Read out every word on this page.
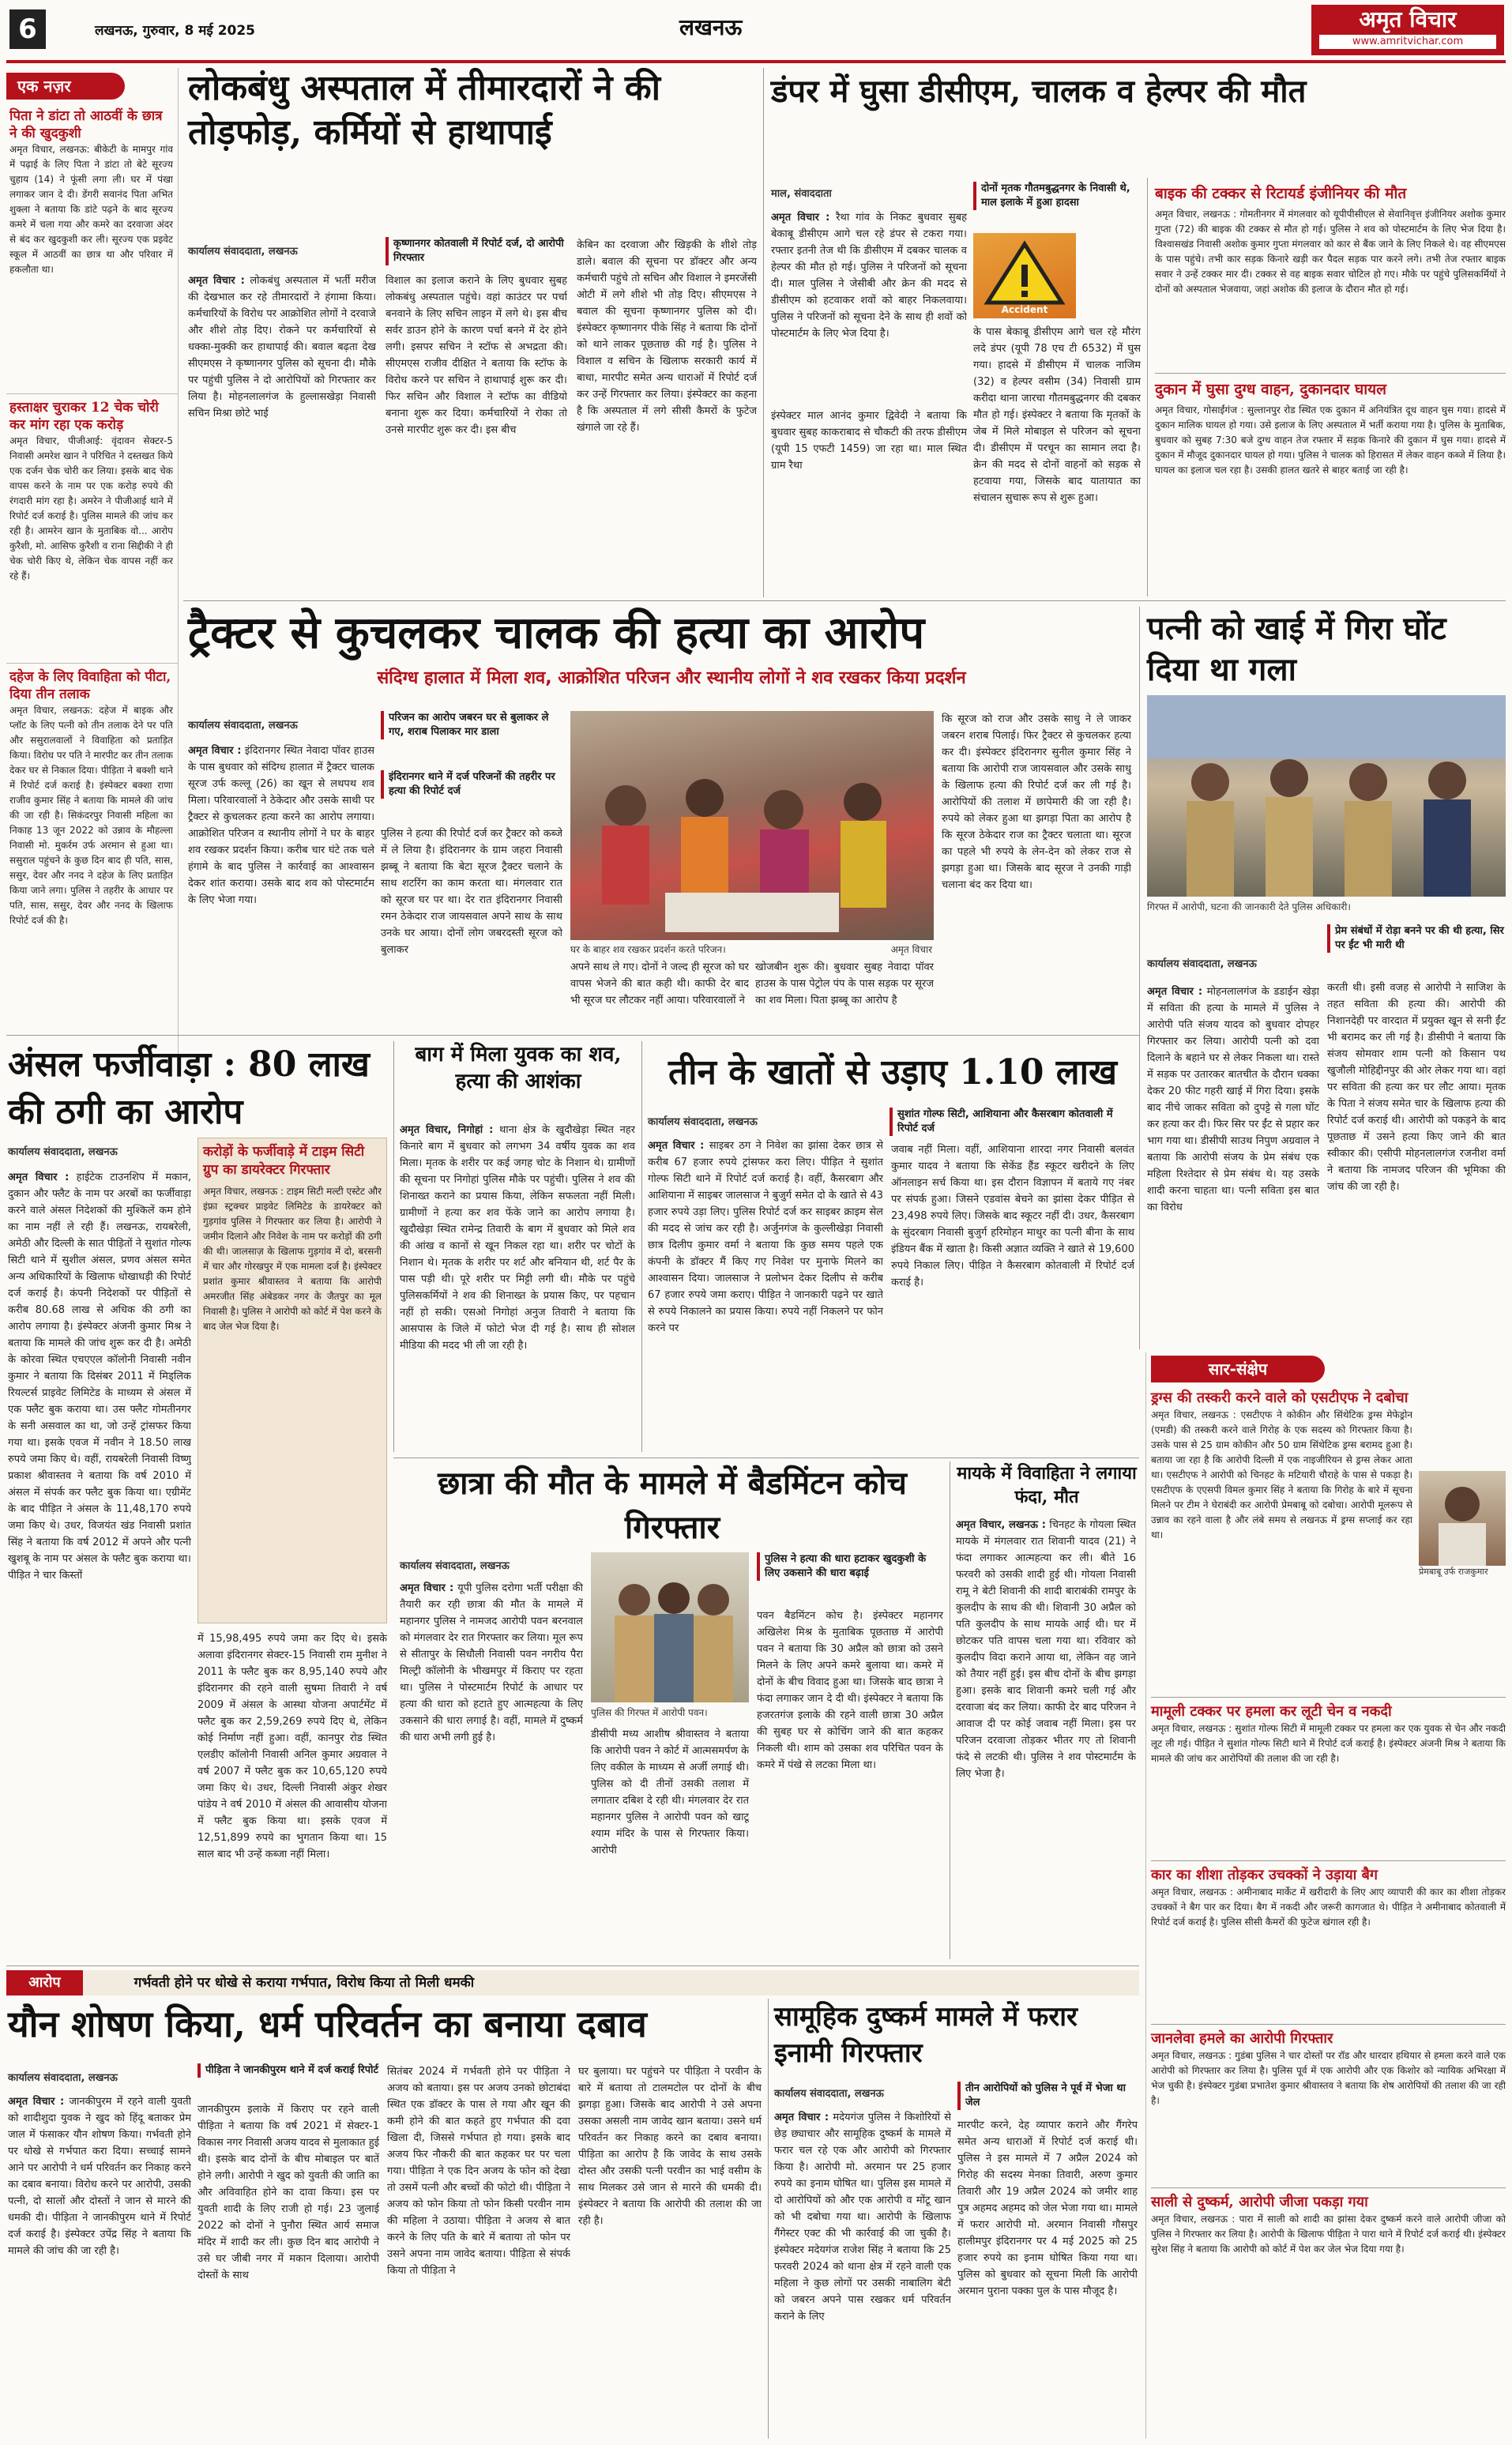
6	लखनऊ, गुरुवार, 8 मई 2025	लखनऊ	अमृत विचार
www.amritvichar.com
एक नज़र
पिता ने डांटा तो आठवीं के छात्र ने की खुदकुशी
अमृत विचार, लखनऊ: बीकेटी के मामपुर गांव में पढ़ाई के लिए पिता ने डांटा तो बेटे सूरज्य चुहाय (14) ने फूंसी लगा ली। घर में पंखा लगाकर जान दे दी। डेंगरी सवानंद पिता अभित शुक्ला ने बताया कि डांटे पढ़ने के बाद सूरज्य कमरे में चला गया और कमरे का दरवाजा अंदर से बंद कर खुदकुशी कर ली। सूरज्य एक प्रइवेट स्कूल में आठवीं का छात्र था और परिवार में हकलौता था।
हस्ताक्षर चुराकर 12 चेक चोरी कर मांग रहा एक करोड़
अमृत विचार, पीजीआई: वृंदावन सेक्टर-5 निवासी अमरेश खान ने परिचित ने दस्तखत किये एक दर्जन चेक चोरी कर लिया। इसके बाद चेक वापस करने के नाम पर एक करोड़ रुपये की रंगदारी मांग रहा है। अमरेन ने पीजीआई थाने में रिपोर्ट दर्ज कराई है। पुलिस मामले की जांच कर रही है। आमरेन खान के मुताबिक वो... आरोप कुरैशी, मो. आसिफ कुरैशी व राना सिद्दीकी ने ही चेक चोरी किए थे, लेकिन चेक वापस नहीं कर रहे हैं।
दहेज के लिए विवाहिता को पीटा, दिया तीन तलाक
अमृत विचार, लखनऊ: दहेज में बाइक और प्लॉट के लिए पत्नी को तीन तलाक देने पर पति और ससुरालवालों ने विवाहिता को प्रताड़ित किया। विरोध पर पति ने मारपीट कर तीन तलाक देकर घर से निकाल दिया। पीड़िता ने बक्शी थाने में रिपोर्ट दर्ज कराई है। इंस्पेक्टर बक्शा राणा राजीव कुमार सिंह ने बताया कि मामले की जांच की जा रही है। सिकंदरपुर निवासी महिला का निकाह 13 जून 2022 को उन्नाव के मौहल्ला निवासी मो. मुकर्रम उर्फ अरमान से हुआ था। ससुराल पहुंचने के कुछ दिन बाद ही पति, सास, ससुर, देवर और ननद ने दहेज के लिए प्रताड़ित किया जाने लगा। पुलिस ने तहरीर के आधार पर पति, सास, ससुर, देवर और ननद के खिलाफ रिपोर्ट दर्ज की है।
लोकबंधु अस्पताल में तीमारदारों ने की तोड़फोड़, कर्मियों से हाथापाई
कार्यालय संवाददाता, लखनऊ
कृष्णानगर कोतवाली में रिपोर्ट दर्ज, दो आरोपी गिरफ्तार
अमृत विचार : लोकबंधु अस्पताल में भर्ती मरीज की देखभाल कर रहे तीमारदारों ने हंगामा किया। कर्मचारियों के विरोध पर आक्रोशित लोगों ने दरवाजे और शीशे तोड़ दिए। रोकने पर कर्मचारियों से धक्का-मुक्की कर हाथापाई की। बवाल बढ़ता देख सीएमएस ने कृष्णानगर पुलिस को सूचना दी। मौके पर पहुंची पुलिस ने दो आरोपियों को गिरफ्तार कर लिया है। मोहनलालगंज के हुल्लासखेड़ा निवासी सचिन मिश्रा छोटे भाई
विशाल का इलाज कराने के लिए बुधवार सुबह लोकबंधु अस्पताल पहुंचे। वहां काउंटर पर पर्चा बनवाने के लिए सचिन लाइन में लगे थे। इस बीच सर्वर डाउन होने के कारण पर्चा बनने में देर होने लगी। इसपर सचिन ने स्टॉफ से अभद्रता की। सीएमएस राजीव दीक्षित ने बताया कि स्टॉफ के विरोध करने पर सचिन ने हाथापाई शुरू कर दी। फिर सचिन और विशाल ने स्टॉफ का वीडियो बनाना शुरू कर दिया। कर्मचारियों ने रोका तो उनसे मारपीट शुरू कर दी। इस बीच
केबिन का दरवाजा और खिड़की के शीशे तोड़ डाले। बवाल की सूचना पर डॉक्टर और अन्य कर्मचारी पहुंचे तो सचिन और विशाल ने इमरजेंसी ओटी में लगे शीशे भी तोड़ दिए। सीएमएस ने बवाल की सूचना कृष्णानगर पुलिस को दी। इंस्पेक्टर कृष्णानगर पीके सिंह ने बताया कि दोनों को थाने लाकर पूछताछ की गई है। पुलिस ने विशाल व सचिन के खिलाफ सरकारी कार्य में बाधा, मारपीट समेत अन्य धाराओं में रिपोर्ट दर्ज कर उन्हें गिरफ्तार कर लिया। इंस्पेक्टर का कहना है कि अस्पताल में लगे सीसी कैमरों के फुटेज खंगाले जा रहे हैं।
डंपर में घुसा डीसीएम, चालक व हेल्पर की मौत
माल, संवाददाता
अमृत विचार : रैथा गांव के निकट बुधवार सुबह बेकाबू डीसीएम आगे चल रहे डंपर से टकरा गया। रफ्तार इतनी तेज थी कि डीसीएम में दबकर चालक व हेल्पर की मौत हो गई। पुलिस ने परिजनों को सूचना दी। माल पुलिस ने जेसीबी और क्रेन की मदद से डीसीएम को हटवाकर शवों को बाहर निकलवाया। पुलिस ने परिजनों को सूचना देने के साथ ही शवों को पोस्टमार्टम के लिए भेज दिया है।
इंस्पेक्टर माल आनंद कुमार द्विवेदी ने बताया कि बुधवार सुबह काकराबाद से चौकटी की तरफ डीसीएम (यूपी 15 एफटी 1459) जा रहा था। माल स्थित ग्राम रैथा
दोनों मृतक गौतमबुद्धनगर के निवासी थे, माल इलाके में हुआ हादसा
Accident
के पास बेकाबू डीसीएम आगे चल रहे मौरंग लदे डंपर (यूपी 78 एच टी 6532) में घुस गया। हादसे में डीसीएम में चालक नाजिम (32) व हेल्पर वसीम (34) निवासी ग्राम करीदा थाना जारचा गौतमबुद्धनगर की दबकर मौत हो गई। इंस्पेक्टर ने बताया कि मृतकों के जेब में मिले मोबाइल से परिजन को सूचना दी। डीसीएम में परचून का सामान लदा है। क्रेन की मदद से दोनों वाहनों को सड़क से हटवाया गया, जिसके बाद यातायात का संचालन सुचारू रूप से शुरू हुआ।
बाइक की टक्कर से रिटायर्ड इंजीनियर की मौत
अमृत विचार, लखनऊ : गोमतीनगर में मंगलवार को यूपीपीसीएल से सेवानिवृत्त इंजीनियर अशोक कुमार गुप्ता (72) की बाइक की टक्कर से मौत हो गई। पुलिस ने शव को पोस्टमार्टम के लिए भेज दिया है। विश्वासखंड निवासी अशोक कुमार गुप्ता मंगलवार को कार से बैंक जाने के लिए निकले थे। वह सीएमएस के पास पहुंचे। तभी कार सड़क किनारे खड़ी कर पैदल सड़क पार करने लगे। तभी तेज रफ्तार बाइक सवार ने उन्हें टक्कर मार दी। टक्कर से वह बाइक सवार चोटिल हो गए। मौके पर पहुंचे पुलिसकर्मियों ने दोनों को अस्पताल भेजवाया, जहां अशोक की इलाज के दौरान मौत हो गई।
दुकान में घुसा दुग्ध वाहन, दुकानदार घायल
अमृत विचार, गोसाईंगंज : सुल्तानपुर रोड स्थित एक दुकान में अनियंत्रित दूध वाहन घुस गया। हादसे में दुकान मालिक घायल हो गया। उसे इलाज के लिए अस्पताल में भर्ती कराया गया है। पुलिस के मुताबिक, बुधवार को सुबह 7:30 बजे दुग्ध वाहन तेज रफ्तार में सड़क किनारे की दुकान में घुस गया। हादसे में दुकान में मौजूद दुकानदार घायल हो गया। पुलिस ने चालक को हिरासत में लेकर वाहन कब्जे में लिया है। घायल का इलाज चल रहा है। उसकी हालत खतरे से बाहर बताई जा रही है।
ट्रैक्टर से कुचलकर चालक की हत्या का आरोप
संदिग्ध हालात में मिला शव, आक्रोशित परिजन और स्थानीय लोगों ने शव रखकर किया प्रदर्शन
कार्यालय संवाददाता, लखनऊ
परिजन का आरोप जबरन घर से बुलाकर ले गए, शराब पिलाकर मार डाला
इंदिरानगर थाने में दर्ज परिजनों की तहरीर पर हत्या की रिपोर्ट दर्ज
अमृत विचार : इंदिरानगर स्थित नेवादा पॉवर हाउस के पास बुधवार को संदिग्ध हालात में ट्रैक्टर चालक सूरज उर्फ कल्लू (26) का खून से लथपथ शव मिला। परिवारवालों ने ठेकेदार और उसके साथी पर ट्रैक्टर से कुचलकर हत्या करने का आरोप लगाया। आक्रोशित परिजन व स्थानीय लोगों ने घर के बाहर शव रखकर प्रदर्शन किया। करीब चार घंटे तक चले हंगामे के बाद पुलिस ने कार्रवाई का आश्वासन देकर शांत कराया। उसके बाद शव को पोस्टमार्टम के लिए भेजा गया।
पुलिस ने हत्या की रिपोर्ट दर्ज कर ट्रैक्टर को कब्जे में ले लिया है। इंदिरानगर के ग्राम जहरा निवासी झब्बू ने बताया कि बेटा सूरज ट्रैक्टर चलाने के साथ शटरिंग का काम करता था। मंगलवार रात को सूरज घर पर था। देर रात इंदिरानगर निवासी रमन ठेकेदार राज जायसवाल अपने साथ के साथ उनके घर आया। दोनों लोग जबरदस्ती सूरज को बुलाकर	घर के बाहर शव रखकर प्रदर्शन करते परिजन।	अमृत विचार
अपने साथ ले गए। दोनों ने जल्द ही सूरज को घर वापस भेजने की बात कही थी। काफी देर बाद भी सूरज घर लौटकर नहीं आया। परिवारवालों ने
खोजबीन शुरू की। बुधवार सुबह नेवादा पॉवर हाउस के पास पेट्रोल पंप के पास सड़क पर सूरज का शव मिला। पिता झब्बू का आरोप है
कि सूरज को राज और उसके साधु ने ले जाकर जबरन शराब पिलाई। फिर ट्रैक्टर से कुचलकर हत्या कर दी। इंस्पेक्टर इंदिरानगर सुनील कुमार सिंह ने बताया कि आरोपी राज जायसवाल और उसके साधु के खिलाफ हत्या की रिपोर्ट दर्ज कर ली गई है। आरोपियों की तलाश में छापेमारी की जा रही है। रुपये को लेकर हुआ था झगड़ा पिता का आरोप है कि सूरज ठेकेदार राज का ट्रैक्टर चलाता था। सूरज का पहले भी रुपये के लेन-देन को लेकर राज से झगड़ा हुआ था। जिसके बाद सूरज ने उनकी गाड़ी चलाना बंद कर दिया था।
पत्नी को खाई में गिरा घोंट दिया था गला
गिरफ्त में आरोपी, घटना की जानकारी देते पुलिस अधिकारी।
प्रेम संबंधों में रोड़ा बनने पर की थी हत्या, सिर पर ईंट भी मारी थी
कार्यालय संवाददाता, लखनऊ
अमृत विचार : मोहनलालगंज के डडाईन खेड़ा में सविता की हत्या के मामले में पुलिस ने आरोपी पति संजय यादव को बुधवार दोपहर गिरफ्तार कर लिया। आरोपी पत्नी को दवा दिलाने के बहाने घर से लेकर निकला था। रास्ते में सड़क पर उतारकर बातचीत के दौरान धक्का देकर 20 फीट गहरी खाई में गिरा दिया। इसके बाद नीचे जाकर सविता को दुपट्टे से गला घोंट कर हत्या कर दी। फिर सिर पर ईंट से प्रहार कर भाग गया था। डीसीपी साउथ निपुण अग्रवाल ने बताया कि आरोपी संजय के प्रेम संबंध एक महिला रिश्तेदार से प्रेम संबंध थे। यह उसके शादी करना चाहता था। पत्नी सविता इस बात का विरोध
करती थी। इसी वजह से आरोपी ने साजिश के तहत सविता की हत्या की। आरोपी की निशानदेही पर वारदात में प्रयुक्त खून से सनी ईंट भी बरामद कर ली गई है। डीसीपी ने बताया कि संजय सोमवार शाम पत्नी को किसान पथ खुजौली मोहिद्दीनपुर की ओर लेकर गया था। वहां पर सविता की हत्या कर घर लौट आया। मृतक के पिता ने संजय समेत चार के खिलाफ हत्या की रिपोर्ट दर्ज कराई थी। आरोपी को पकड़ने के बाद पूछताछ में उसने हत्या किए जाने की बात स्वीकार की। एसीपी मोहनलालगंज रजनीश वर्मा ने बताया कि नामजद परिजन की भूमिका की जांच की जा रही है।
अंसल फर्जीवाड़ा : 80 लाख की ठगी का आरोप
कार्यालय संवाददाता, लखनऊ
अमृत विचार : हाईटेक टाउनशिप में मकान, दुकान और फ्लैट के नाम पर अरबों का फर्जीवाड़ा करने वाले अंसल निदेशकों की मुश्किलें कम होने का नाम नहीं ले रही हैं। लखनऊ, रायबरेली, अमेठी और दिल्ली के सात पीड़ितों ने सुशांत गोल्फ सिटी थाने में सुशील अंसल, प्रणव अंसल समेत अन्य अधिकारियों के खिलाफ धोखाधड़ी की रिपोर्ट दर्ज कराई है। कंपनी निदेशकों पर पीड़ितों से करीब 80.68 लाख से अधिक की ठगी का आरोप लगाया है। इंस्पेक्टर अंजनी कुमार मिश्र ने बताया कि मामले की जांच शुरू कर दी है। अमेठी के कोरवा स्थित एचएएल कॉलोनी निवासी नवीन कुमार ने बताया कि दिसंबर 2011 में मिड्लिक रियल्टर्स प्राइवेट लिमिटेड के माध्यम से अंसल में एक फ्लैट बुक कराया था। उस फ्लैट गोमतीनगर के सनी असवाल का था, जो उन्हें ट्रांसफर किया गया था। इसके एवज में नवीन ने 18.50 लाख रुपये जमा किए थे। वहीं, रायबरेली निवासी विष्णु प्रकाश श्रीवास्तव ने बताया कि वर्ष 2010 में अंसल में संपर्क कर फ्लैट बुक किया था। एग्रीमेंट के बाद पीड़ित ने अंसल के 11,48,170 रुपये जमा किए थे। उधर, विजयंत खंड निवासी प्रशांत सिंह ने बताया कि वर्ष 2012 में अपने और पत्नी खुशबू के नाम पर अंसल के फ्लैट बुक कराया था। पीड़ित ने चार किस्तों
करोड़ों के फर्जीवाड़े में टाइम सिटी ग्रुप का डायरेक्टर गिरफ्तार
अमृत विचार, लखनऊ : टाइम सिटी मल्टी एस्टेट और इंफ्रा स्ट्रक्चर प्राइवेट लिमिटेड के डायरेक्टर को गुड़गांव पुलिस ने गिरफ्तार कर लिया है। आरोपी ने जमीन दिलाने और निवेश के नाम पर करोड़ों की ठगी की थी। जालसाज़ के खिलाफ गुड़गांव में दो, बरसनी में चार और गोरखपुर में एक मामला दर्ज है। इंस्पेक्टर प्रशांत कुमार श्रीवास्तव ने बताया कि आरोपी अमरजीत सिंह अंबेडकर नगर के जैतपुर का मूल निवासी है। पुलिस ने आरोपी को कोर्ट में पेश करने के बाद जेल भेज दिया है।
में 15,98,495 रुपये जमा कर दिए थे। इसके अलावा इंदिरानगर सेक्टर-15 निवासी राम मुनीश ने 2011 के फ्लैट बुक कर 8,95,140 रुपये और इंदिरानगर की रहने वाली सुषमा तिवारी ने वर्ष 2009 में अंसल के आस्था योजना अपार्टमेंट में फ्लैट बुक कर 2,59,269 रुपये दिए थे, लेकिन कोई निर्माण नहीं हुआ। वहीं, कानपुर रोड स्थित एलडीए कॉलोनी निवासी अनिल कुमार अग्रवाल ने वर्ष 2007 में फ्लैट बुक कर 10,65,120 रुपये जमा किए थे। उधर, दिल्ली निवासी अंकुर शेखर पांडेय ने वर्ष 2010 में अंसल की आवासीय योजना में फ्लैट बुक किया था। इसके एवज में 12,51,899 रुपये का भुगतान किया था। 15 साल बाद भी उन्हें कब्जा नहीं मिला।
बाग में मिला युवक का शव, हत्या की आशंका
अमृत विचार, निगोहां : थाना क्षेत्र के खुदौखेड़ा स्थित नहर किनारे बाग में बुधवार को लगभग 34 वर्षीय युवक का शव मिला। मृतक के शरीर पर कई जगह चोट के निशान थे। ग्रामीणों की सूचना पर निगोहां पुलिस मौके पर पहुंची। पुलिस ने शव की शिनाख्त कराने का प्रयास किया, लेकिन सफलता नहीं मिली। ग्रामीणों ने हत्या कर शव फेंके जाने का आरोप लगाया है। खुदौखेड़ा स्थित रामेन्द्र तिवारी के बाग में बुधवार को मिले शव की आंख व कानों से खून निकल रहा था। शरीर पर चोटों के निशान थे। मृतक के शरीर पर शर्ट और बनियान थी, शर्ट पैर के पास पड़ी थी। पूरे शरीर पर मिट्टी लगी थी। मौके पर पहुंचे पुलिसकर्मियों ने शव की शिनाख्त के प्रयास किए, पर पहचान नहीं हो सकी। एसओ निगोहां अनुज तिवारी ने बताया कि आसपास के जिले में फोटो भेज दी गई है। साथ ही सोशल मीडिया की मदद भी ली जा रही है।
तीन के खातों से उड़ाए 1.10 लाख
कार्यालय संवाददाता, लखनऊ
सुशांत गोल्फ सिटी, आशियाना और कैसरबाग कोतवाली में रिपोर्ट दर्ज
अमृत विचार : साइबर ठग ने निवेश का झांसा देकर छात्र से करीब 67 हजार रुपये ट्रांसफर करा लिए। पीड़ित ने सुशांत गोल्फ सिटी थाने में रिपोर्ट दर्ज कराई है। वहीं, कैसरबाग और आशियाना में साइबर जालसाज ने बुजुर्ग समेत दो के खाते से 43 हजार रुपये उड़ा लिए। पुलिस रिपोर्ट दर्ज कर साइबर क्राइम सेल की मदद से जांच कर रही है। अर्जुनगंज के कुल्लीखेड़ा निवासी छात्र दिलीप कुमार वर्मा ने बताया कि कुछ समय पहले एक कंपनी के डॉक्टर मैं किए गए निवेश पर मुनाफे मिलने का आश्वासन दिया। जालसाज ने प्रलोभन देकर दिलीप से करीब 67 हजार रुपये जमा कराए। पीड़ित ने जानकारी पढ़ने पर खाते से रुपये निकालने का प्रयास किया। रुपये नहीं निकलने पर फोन करने पर
जवाब नहीं मिला। वहीं, आशियाना शारदा नगर निवासी बलवंत कुमार यादव ने बताया कि सेकेंड हैंड स्कूटर खरीदने के लिए ऑनलाइन सर्च किया था। इस दौरान विज्ञापन में बताये गए नंबर पर संपर्क हुआ। जिसने एडवांस बेचने का झांसा देकर पीड़ित से 23,498 रुपये लिए। जिसके बाद स्कूटर नहीं दी। उधर, कैसरबाग के सुंदरबाग निवासी बुजुर्ग हरिमोहन माथुर का पत्नी बीना के साथ इंडियन बैंक में खाता है। किसी अज्ञात व्यक्ति ने खाते से 19,600 रुपये निकाल लिए। पीड़ित ने कैसरबाग कोतवाली में रिपोर्ट दर्ज कराई है।
छात्रा की मौत के मामले में बैडमिंटन कोच गिरफ्तार
कार्यालय संवाददाता, लखनऊ
अमृत विचार : यूपी पुलिस दरोगा भर्ती परीक्षा की तैयारी कर रही छात्रा की मौत के मामले में महानगर पुलिस ने नामजद आरोपी पवन बरनवाल को मंगलवार देर रात गिरफ्तार कर लिया। मूल रूप से सीतापुर के सिधौली निवासी पवन नगरीय पैरा मिल्ट्री कॉलोनी के भीखमपुर में किराए पर रहता था। पुलिस ने पोस्टमार्टम रिपोर्ट के आधार पर हत्या की धारा को हटाते हुए आत्महत्या के लिए उकसाने की धारा लगाई है। वहीं, मामले में दुष्कर्म की धारा अभी लगी हुई है।
पुलिस की गिरफ्त में आरोपी पवन।
डीसीपी मध्य आशीष श्रीवास्तव ने बताया कि आरोपी पवन ने कोर्ट में आत्मसमर्पण के लिए वकील के माध्यम से अर्जी लगाई थी। पुलिस को दी तीनों उसकी तलाश में लगातार दबिश दे रही थी। मंगलवार देर रात महानगर पुलिस ने आरोपी पवन को खाटू श्याम मंदिर के पास से गिरफ्तार किया। आरोपी
पुलिस ने हत्या की धारा हटाकर खुदकुशी के लिए उकसाने की धारा बढ़ाई
पवन बैडमिंटन कोच है। इंस्पेक्टर महानगर अखिलेश मिश्र के मुताबिक पूछताछ में आरोपी पवन ने बताया कि 30 अप्रैल को छात्रा को उसने मिलने के लिए अपने कमरे बुलाया था। कमरे में दोनों के बीच विवाद हुआ था। जिसके बाद छात्रा ने फंदा लगाकर जान दे दी थी। इंस्पेक्टर ने बताया कि हजरतगंज इलाके की रहने वाली छात्रा 30 अप्रैल की सुबह घर से कोचिंग जाने की बात कहकर निकली थी। शाम को उसका शव परिचित पवन के कमरे में पंखे से लटका मिला था।
मायके में विवाहिता ने लगाया फंदा, मौत
अमृत विचार, लखनऊ : चिनहट के गोयला स्थित मायके में मंगलवार रात शिवानी यादव (21) ने फंदा लगाकर आत्महत्या कर ली। बीते 16 फरवरी को उसकी शादी हुई थी। गोयला निवासी रामू ने बेटी शिवानी की शादी बाराबंकी रामपुर के कुलदीप के साथ की थी। शिवानी 30 अप्रैल को पति कुलदीप के साथ मायके आई थी। घर में छोटकर पति वापस चला गया था। रविवार को कुलदीप विदा कराने आया था, लेकिन वह जाने को तैयार नहीं हुई। इस बीच दोनों के बीच झगड़ा हुआ। इसके बाद शिवानी कमरे चली गई और दरवाजा बंद कर लिया। काफी देर बाद परिजन ने आवाज दी पर कोई जवाब नहीं मिला। इस पर परिजन दरवाजा तोड़कर भीतर गए तो शिवानी फंदे से लटकी थी। पुलिस ने शव पोस्टमार्टम के लिए भेजा है।
सार-संक्षेप
ड्रग्स की तस्करी करने वाले को एसटीएफ ने दबोचा
अमृत विचार, लखनऊ : एसटीएफ ने कोकीन और सिंथेटिक ड्रग्स मेफेड्रोन (एमडी) की तस्करी करने वाले गिरोह के एक सदस्य को गिरफ्तार किया है। उसके पास से 25 ग्राम कोकीन और 50 ग्राम सिंथेटिक ड्रग्स बरामद हुआ है। बताया जा रहा है कि आरोपी दिल्ली में एक नाइजीरियन से ड्रग्स लेकर आता था। एसटीएफ ने आरोपी को चिनहट के मटियारी चौराहे के पास से पकड़ा है। एसटीएफ के एएसपी विमल कुमार सिंह ने बताया कि गिरोह के बारे में सूचना मिलने पर टीम ने घेराबंदी कर आरोपी प्रेमबाबू को दबोचा। आरोपी मूलरूप से उन्नाव का रहने वाला है और लंबे समय से लखनऊ में ड्रग्स सप्लाई कर रहा था।
प्रेमबाबू उर्फ राजकुमार
मामूली टक्कर पर हमला कर लूटी चेन व नकदी
अमृत विचार, लखनऊ : सुशांत गोल्फ सिटी में मामूली टक्कर पर हमला कर एक युवक से चेन और नकदी लूट ली गई। पीड़ित ने सुशांत गोल्फ सिटी थाने में रिपोर्ट दर्ज कराई है। इंस्पेक्टर अंजनी मिश्र ने बताया कि मामले की जांच कर आरोपियों की तलाश की जा रही है।
कार का शीशा तोड़कर उचक्कों ने उड़ाया बैग
अमृत विचार, लखनऊ : अमीनाबाद मार्केट में खरीदारी के लिए आए व्यापारी की कार का शीशा तोड़कर उचक्कों ने बैग पार कर दिया। बैग में नकदी और जरूरी कागजात थे। पीड़ित ने अमीनाबाद कोतवाली में रिपोर्ट दर्ज कराई है। पुलिस सीसी कैमरों की फुटेज खंगाल रही है।
जानलेवा हमले का आरोपी गिरफ्तार
अमृत विचार, लखनऊ : गुडंबा पुलिस ने चार दोस्तों पर रॉड और धारदार हथियार से हमला करने वाले एक आरोपी को गिरफ्तार कर लिया है। पुलिस पूर्व में एक आरोपी और एक किशोर को न्यायिक अभिरक्षा में भेज चुकी है। इंस्पेक्टर गुडंबा प्रभातेश कुमार श्रीवास्तव ने बताया कि शेष आरोपियों की तलाश की जा रही है।
साली से दुष्कर्म, आरोपी जीजा पकड़ा गया
अमृत विचार, लखनऊ : पारा में साली को शादी का झांसा देकर दुष्कर्म करने वाले आरोपी जीजा को पुलिस ने गिरफ्तार कर लिया है। आरोपी के खिलाफ पीड़िता ने पारा थाने में रिपोर्ट दर्ज कराई थी। इंस्पेक्टर सुरेश सिंह ने बताया कि आरोपी को कोर्ट में पेश कर जेल भेज दिया गया है।
आरोप	गर्भवती होने पर धोखे से कराया गर्भपात, विरोध किया तो मिली धमकी
यौन शोषण किया, धर्म परिवर्तन का बनाया दबाव
कार्यालय संवाददाता, लखनऊ
अमृत विचार : जानकीपुरम में रहने वाली युवती को शादीशुदा युवक ने खुद को हिंदू बताकर प्रेम जाल में फंसाकर यौन शोषण किया। गर्भवती होने पर धोखे से गर्भपात करा दिया। सच्चाई सामने आने पर आरोपी ने धर्म परिवर्तन कर निकाह करने का दबाव बनाया। विरोध करने पर आरोपी, उसकी पत्नी, दो सालों और दोस्तों ने जान से मारने की धमकी दी। पीड़िता ने जानकीपुरम थाने में रिपोर्ट दर्ज कराई है। इंस्पेक्टर उपेंद्र सिंह ने बताया कि मामले की जांच की जा रही है।
पीड़िता ने जानकीपुरम थाने में दर्ज कराई रिपोर्ट
जानकीपुरम इलाके में किराए पर रहने वाली पीड़िता ने बताया कि वर्ष 2021 में सेक्टर-1 विकास नगर निवासी अजय यादव से मुलाकात हुई थी। इसके बाद दोनों के बीच मोबाइल पर बातें होने लगी। आरोपी ने खुद को युवती की जाति का और अविवाहित होने का दावा किया। इस पर युवती शादी के लिए राजी हो गई। 23 जुलाई 2022 को दोनों ने पुनौरा स्थित आर्य समाज मंदिर में शादी कर ली। कुछ दिन बाद आरोपी ने उसे घर जीबी नगर में मकान दिलाया। आरोपी दोस्तों के साथ
सितंबर 2024 में गर्भवती होने पर पीड़िता ने अजय को बताया। इस पर अजय उनको छोटाबंदा स्थित एक डॉक्टर के पास ले गया और खून की कमी होने की बात कहते हुए गर्भपात की दवा खिला दी, जिससे गर्भपात हो गया। इसके बाद अजय फिर नौकरी की बात कहकर घर पर चला गया। पीड़िता ने एक दिन अजय के फोन को देखा तो उसमें पत्नी और बच्चों की फोटो थी। पीड़िता ने अजय को फोन किया तो फोन किसी परवीन नाम की महिला ने उठाया। पीड़िता ने अजय से बात करने के लिए पति के बारे में बताया तो फोन पर उसने अपना नाम जावेद बताया। पीड़िता से संपर्क किया तो पीड़िता ने
घर बुलाया। घर पहुंचने पर पीड़िता ने परवीन के बारे में बताया तो टालमटोल पर दोनों के बीच झगड़ा हुआ। जिसके बाद आरोपी ने उसे अपना उसका असली नाम जावेद खान बताया। उसने धर्म परिवर्तन कर निकाह करने का दबाव बनाया। पीड़िता का आरोप है कि जावेद के साथ उसके दोस्त और उसकी पत्नी परवीन का भाई वसीम के साथ मिलकर उसे जान से मारने की धमकी दी। इंस्पेक्टर ने बताया कि आरोपी की तलाश की जा रही है।
सामूहिक दुष्कर्म मामले में फरार इनामी गिरफ्तार
कार्यालय संवाददाता, लखनऊ	तीन आरोपियों को पुलिस ने पूर्व में भेजा था जेल
अमृत विचार : मदेयगंज पुलिस ने किशोरियों से छेड़ छ्याचार और सामूहिक दुष्कर्म के मामले में फरार चल रहे एक और आरोपी को गिरफ्तार किया है। आरोपी मो. अरमान पर 25 हजार रुपये का इनाम घोषित था। पुलिस इस मामले में दो आरोपियों को और एक आरोपी व मोंटू खान को भी दबोचा गया था। आरोपी के खिलाफ गैंगेस्टर एक्ट की भी कार्रवाई की जा चुकी है। इंस्पेक्टर मदेयगंज राजेश सिंह ने बताया कि 25 फरवरी 2024 को थाना क्षेत्र में रहने वाली एक महिला ने कुछ लोगों पर उसकी नाबालिग बेटी को जबरन अपने पास रखकर धर्म परिवर्तन कराने के लिए
मारपीट करने, देह व्यापार कराने और गैंगरेप समेत अन्य धाराओं में रिपोर्ट दर्ज कराई थी। पुलिस ने इस मामले में 7 अप्रैल 2024 को गिरोह की सदस्य मेनका तिवारी, अरुण कुमार तिवारी और 19 अप्रैल 2024 को जमीर शाह पुत्र अहमद अहमद को जेल भेजा गया था। मामले में फरार आरोपी मो. अरमान निवासी गौसपुर हालीमपुर इंदिरानगर पर 4 मई 2025 को 25 हजार रुपये का इनाम घोषित किया गया था। पुलिस को बुधवार को सूचना मिली कि आरोपी अरमान पुराना पक्का पुल के पास मौजूद है।
